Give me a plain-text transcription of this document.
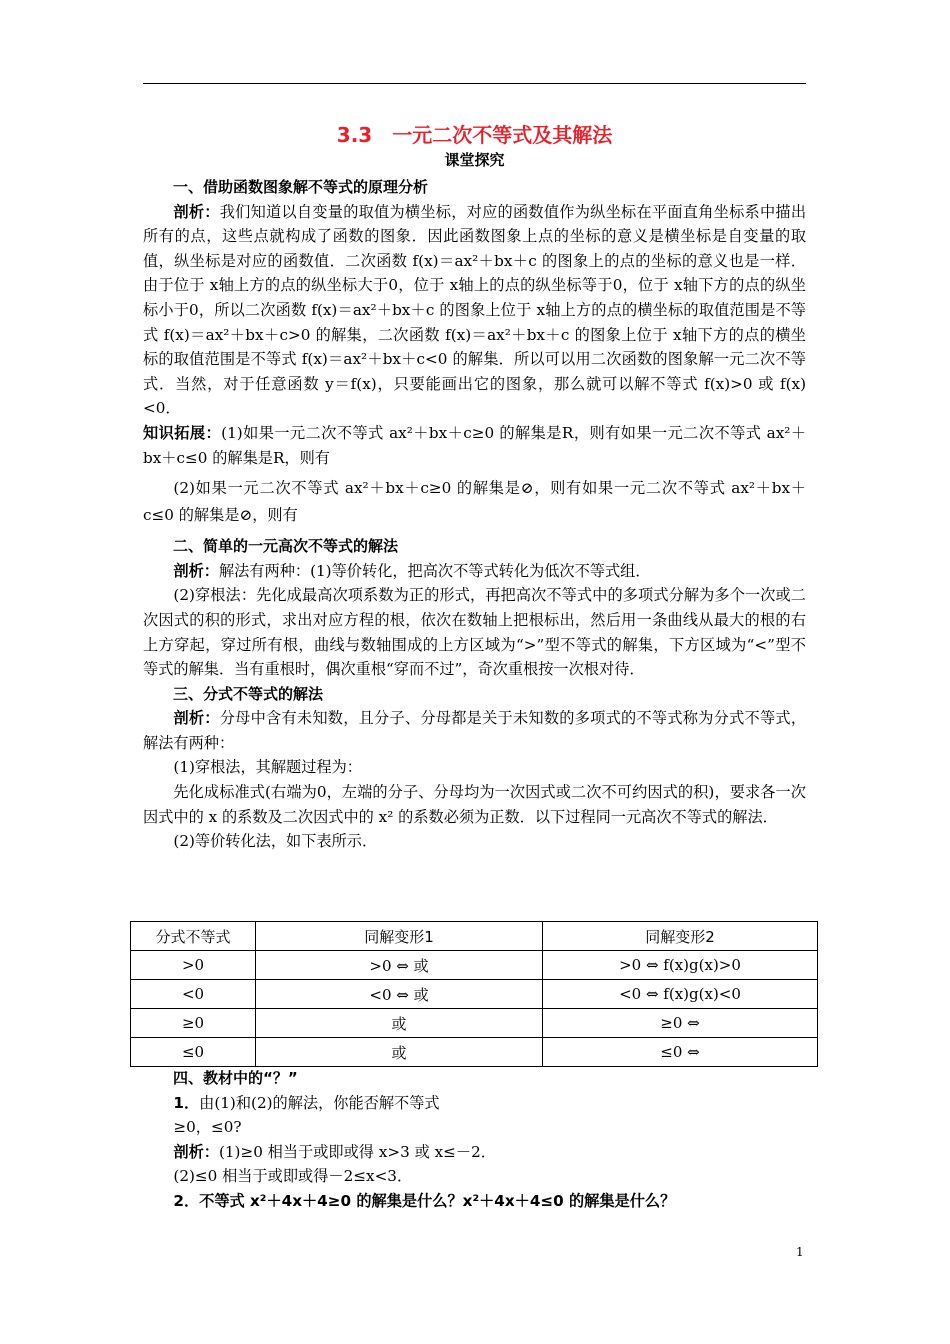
3.3　一元二次不等式及其解法
课堂探究
一、借助函数图象解不等式的原理分析

剖析：我们知道以自变量的取值为横坐标，对应的函数值作为纵坐标在平面直角坐标系中描出所有的点，这些点就构成了函数的图象．因此函数图象上点的坐标的意义是横坐标是自变量的取值，纵坐标是对应的函数值．二次函数 f(x)＝ax²＋bx＋c 的图象上的点的坐标的意义也是一样．由于位于 x轴上方的点的纵坐标大于0，位于 x轴上的点的纵坐标等于0，位于 x轴下方的点的纵坐标小于0，所以二次函数 f(x)＝ax²＋bx＋c 的图象上位于 x轴上方的点的横坐标的取值范围是不等式 f(x)＝ax²＋bx＋c>0 的解集，二次函数 f(x)＝ax²＋bx＋c 的图象上位于 x轴下方的点的横坐标的取值范围是不等式 f(x)＝ax²＋bx＋c<0 的解集．所以可以用二次函数的图象解一元二次不等式．当然，对于任意函数 y＝f(x)，只要能画出它的图象，那么就可以解不等式 f(x)>0 或 f(x)<0．

知识拓展：(1)如果一元二次不等式 ax²＋bx＋c≥0 的解集是R，则有如果一元二次不等式 ax²＋bx＋c≤0 的解集是R，则有

(2)如果一元二次不等式 ax²＋bx＋c≥0 的解集是⊘，则有如果一元二次不等式 ax²＋bx＋c≤0 的解集是⊘，则有

二、简单的一元高次不等式的解法

剖析：解法有两种：(1)等价转化，把高次不等式转化为低次不等式组．

(2)穿根法：先化成最高次项系数为正的形式，再把高次不等式中的多项式分解为多个一次或二次因式的积的形式，求出对应方程的根，依次在数轴上把根标出，然后用一条曲线从最大的根的右上方穿起，穿过所有根，曲线与数轴围成的上方区域为“>”型不等式的解集，下方区域为“<”型不等式的解集．当有重根时，偶次重根“穿而不过”，奇次重根按一次根对待．

三、分式不等式的解法

剖析：分母中含有未知数，且分子、分母都是关于未知数的多项式的不等式称为分式不等式，解法有两种：

(1)穿根法，其解题过程为：

先化成标准式(右端为0，左端的分子、分母均为一次因式或二次不可约因式的积)，要求各一次因式中的 x 的系数及二次因式中的 x² 的系数必须为正数．以下过程同一元高次不等式的解法．

(2)等价转化法，如下表所示．

分式不等式	同解变形1	同解变形2
>0	>0 ⇔ 或	>0 ⇔ f(x)g(x)>0
<0	<0 ⇔ 或	<0 ⇔ f(x)g(x)<0
≥0	或	≥0 ⇔
≤0	或	≤0 ⇔
四、教材中的“？”

1．由(1)和(2)的解法，你能否解不等式

≥0，≤0?

剖析：(1)≥0 相当于或即或得 x>3 或 x≤－2．

(2)≤0 相当于或即或得－2≤x<3．

2．不等式 x²＋4x＋4≥0 的解集是什么？x²＋4x＋4≤0 的解集是什么？

1
